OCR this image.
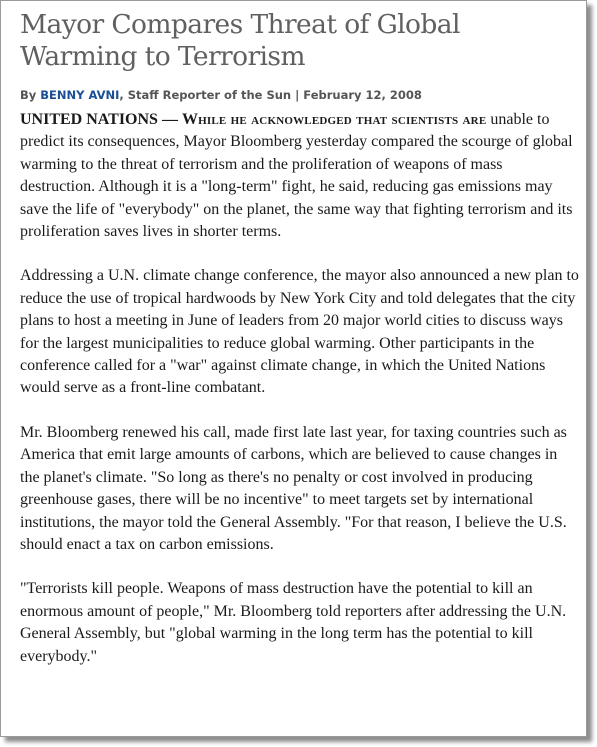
Mayor Compares Threat of Global Warming to Terrorism
By BENNY AVNI, Staff Reporter of the Sun | February 12, 2008

UNITED NATIONS — While he acknowledged that scientists are unable to predict its consequences, Mayor Bloomberg yesterday compared the scourge of global warming to the threat of terrorism and the proliferation of weapons of mass destruction. Although it is a "long-term" fight, he said, reducing gas emissions may save the life of "everybody" on the planet, the same way that fighting terrorism and its proliferation saves lives in shorter terms.

Addressing a U.N. climate change conference, the mayor also announced a new plan to reduce the use of tropical hardwoods by New York City and told delegates that the city plans to host a meeting in June of leaders from 20 major world cities to discuss ways for the largest municipalities to reduce global warming. Other participants in the conference called for a "war" against climate change, in which the United Nations would serve as a front-line combatant.

Mr. Bloomberg renewed his call, made first late last year, for taxing countries such as America that emit large amounts of carbons, which are believed to cause changes in the planet's climate. "So long as there's no penalty or cost involved in producing greenhouse gases, there will be no incentive" to meet targets set by international institutions, the mayor told the General Assembly. "For that reason, I believe the U.S. should enact a tax on carbon emissions.

"Terrorists kill people. Weapons of mass destruction have the potential to kill an enormous amount of people," Mr. Bloomberg told reporters after addressing the U.N. General Assembly, but "global warming in the long term has the potential to kill everybody."
